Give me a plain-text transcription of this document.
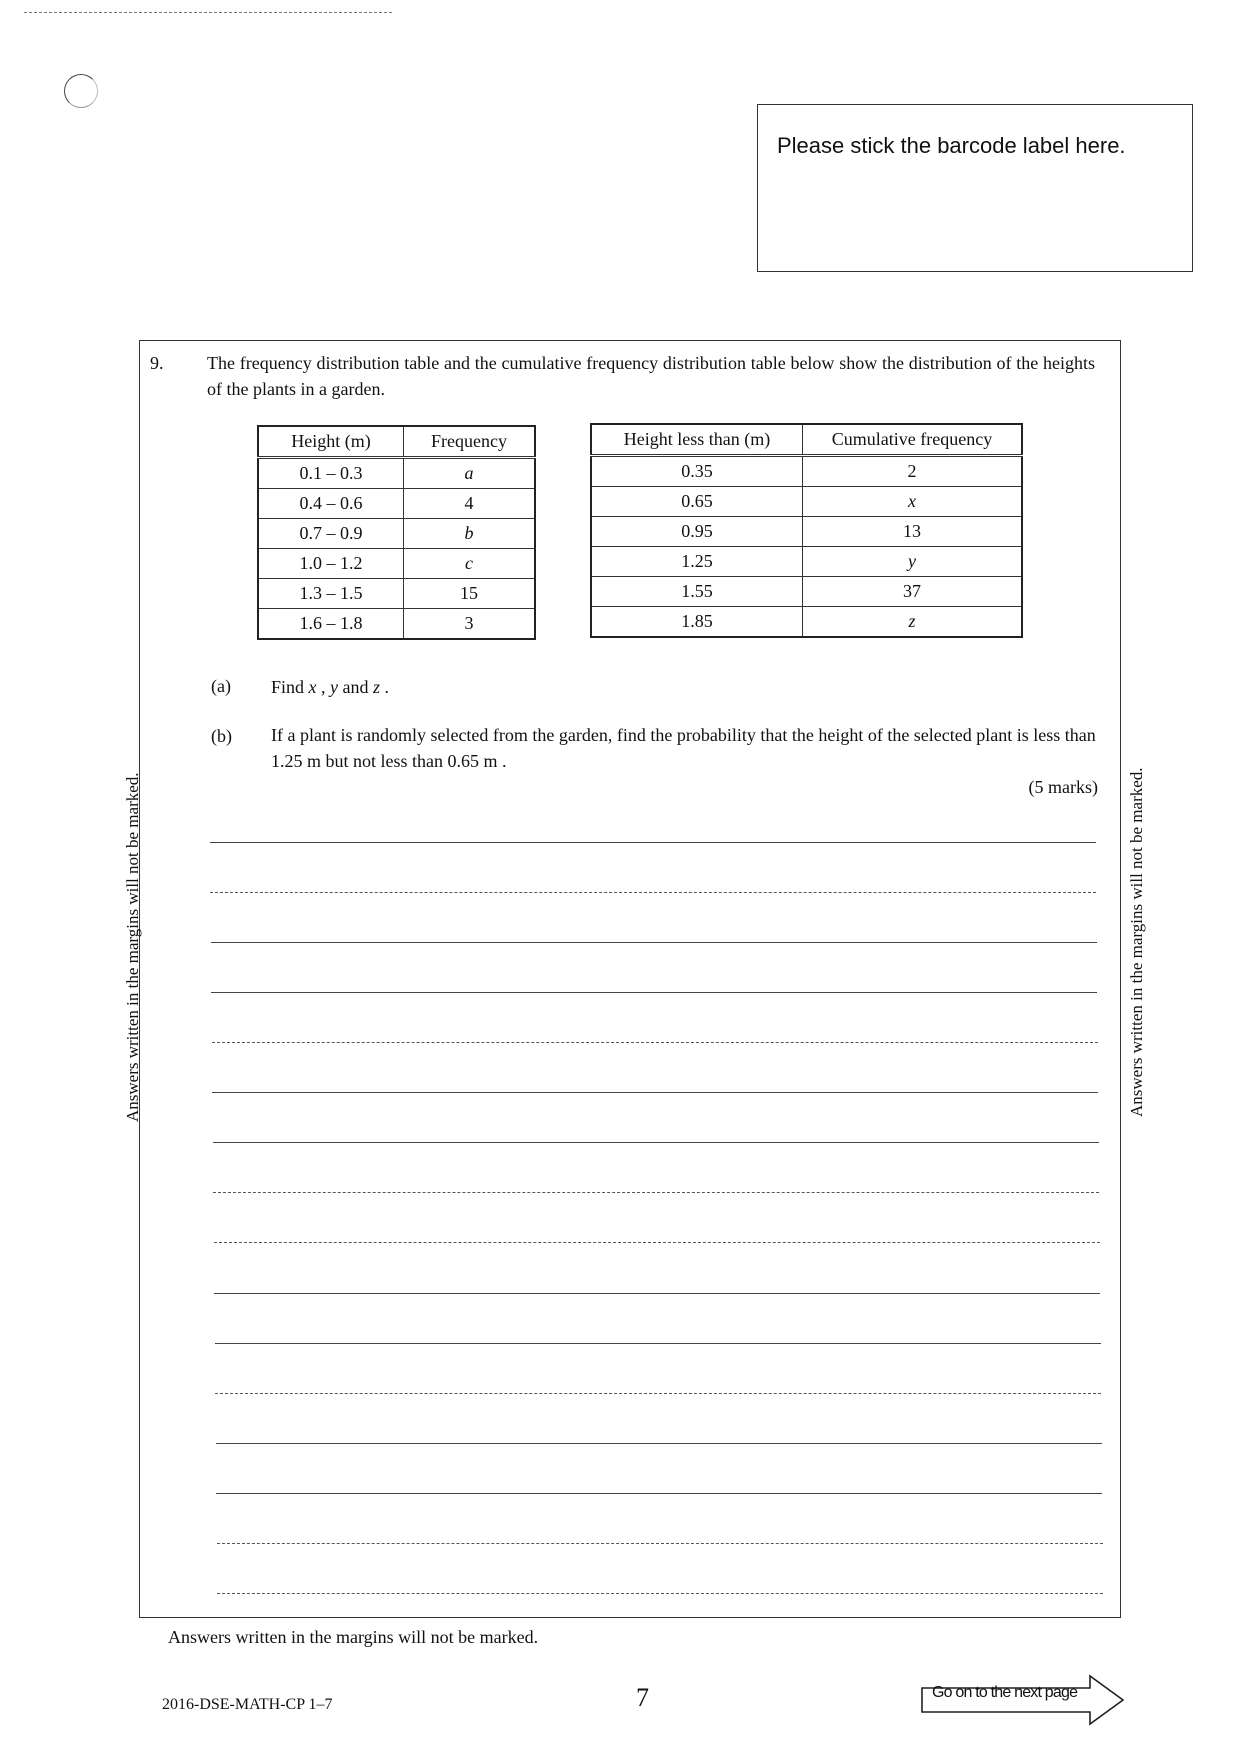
Please stick the barcode label here.
9. The frequency distribution table and the cumulative frequency distribution table below show the distribution of the heights of the plants in a garden.
Height (m)	Frequency
0.1 – 0.3	a
0.4 – 0.6	4
0.7 – 0.9	b
1.0 – 1.2	c
1.3 – 1.5	15
1.6 – 1.8	3
Height less than (m)	Cumulative frequency
0.35	2
0.65	x
0.95	13
1.25	y
1.55	37
1.85	z
(a) Find x , y and z .
(b) If a plant is randomly selected from the garden, find the probability that the height of the selected plant is less than 1.25 m but not less than 0.65 m .
(5 marks)
Answers written in the margins will not be marked.	Answers written in the margins will not be marked.
Answers written in the margins will not be marked.
2016-DSE-MATH-CP 1–7	7	Go on to the next page
